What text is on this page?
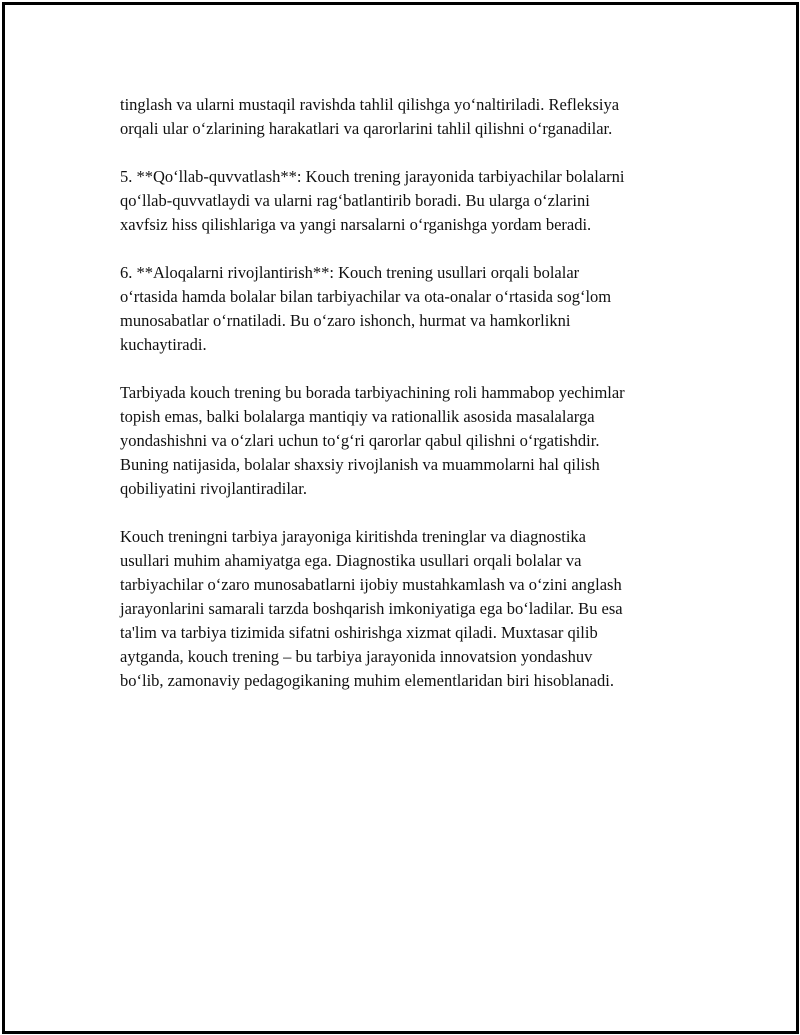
tinglash va ularni mustaqil ravishda tahlil qilishga yo‘naltiriladi. Refleksiya
orqali ular o‘zlarining harakatlari va qarorlarini tahlil qilishni o‘rganadilar.

5. **Qo‘llab-quvvatlash**: Kouch trening jarayonida tarbiyachilar bolalarni
qo‘llab-quvvatlaydi va ularni rag‘batlantirib boradi. Bu ularga o‘zlarini
xavfsiz hiss qilishlariga va yangi narsalarni o‘rganishga yordam beradi.

6. **Aloqalarni rivojlantirish**: Kouch trening usullari orqali bolalar
o‘rtasida hamda bolalar bilan tarbiyachilar va ota-onalar o‘rtasida sog‘lom
munosabatlar o‘rnatiladi. Bu o‘zaro ishonch, hurmat va hamkorlikni
kuchaytiradi.

Tarbiyada kouch trening bu borada tarbiyachining roli hammabop yechimlar
topish emas, balki bolalarga mantiqiy va rationallik asosida masalalarga
yondashishni va o‘zlari uchun to‘g‘ri qarorlar qabul qilishni o‘rgatishdir.
Buning natijasida, bolalar shaxsiy rivojlanish va muammolarni hal qilish
qobiliyatini rivojlantiradilar.

Kouch treningni tarbiya jarayoniga kiritishda treninglar va diagnostika
usullari muhim ahamiyatga ega. Diagnostika usullari orqali bolalar va
tarbiyachilar o‘zaro munosabatlarni ijobiy mustahkamlash va o‘zini anglash
jarayonlarini samarali tarzda boshqarish imkoniyatiga ega bo‘ladilar. Bu esa
ta'lim va tarbiya tizimida sifatni oshirishga xizmat qiladi. Muxtasar qilib
aytganda, kouch trening – bu tarbiya jarayonida innovatsion yondashuv
bo‘lib, zamonaviy pedagogikaning muhim elementlaridan biri hisoblanadi.
